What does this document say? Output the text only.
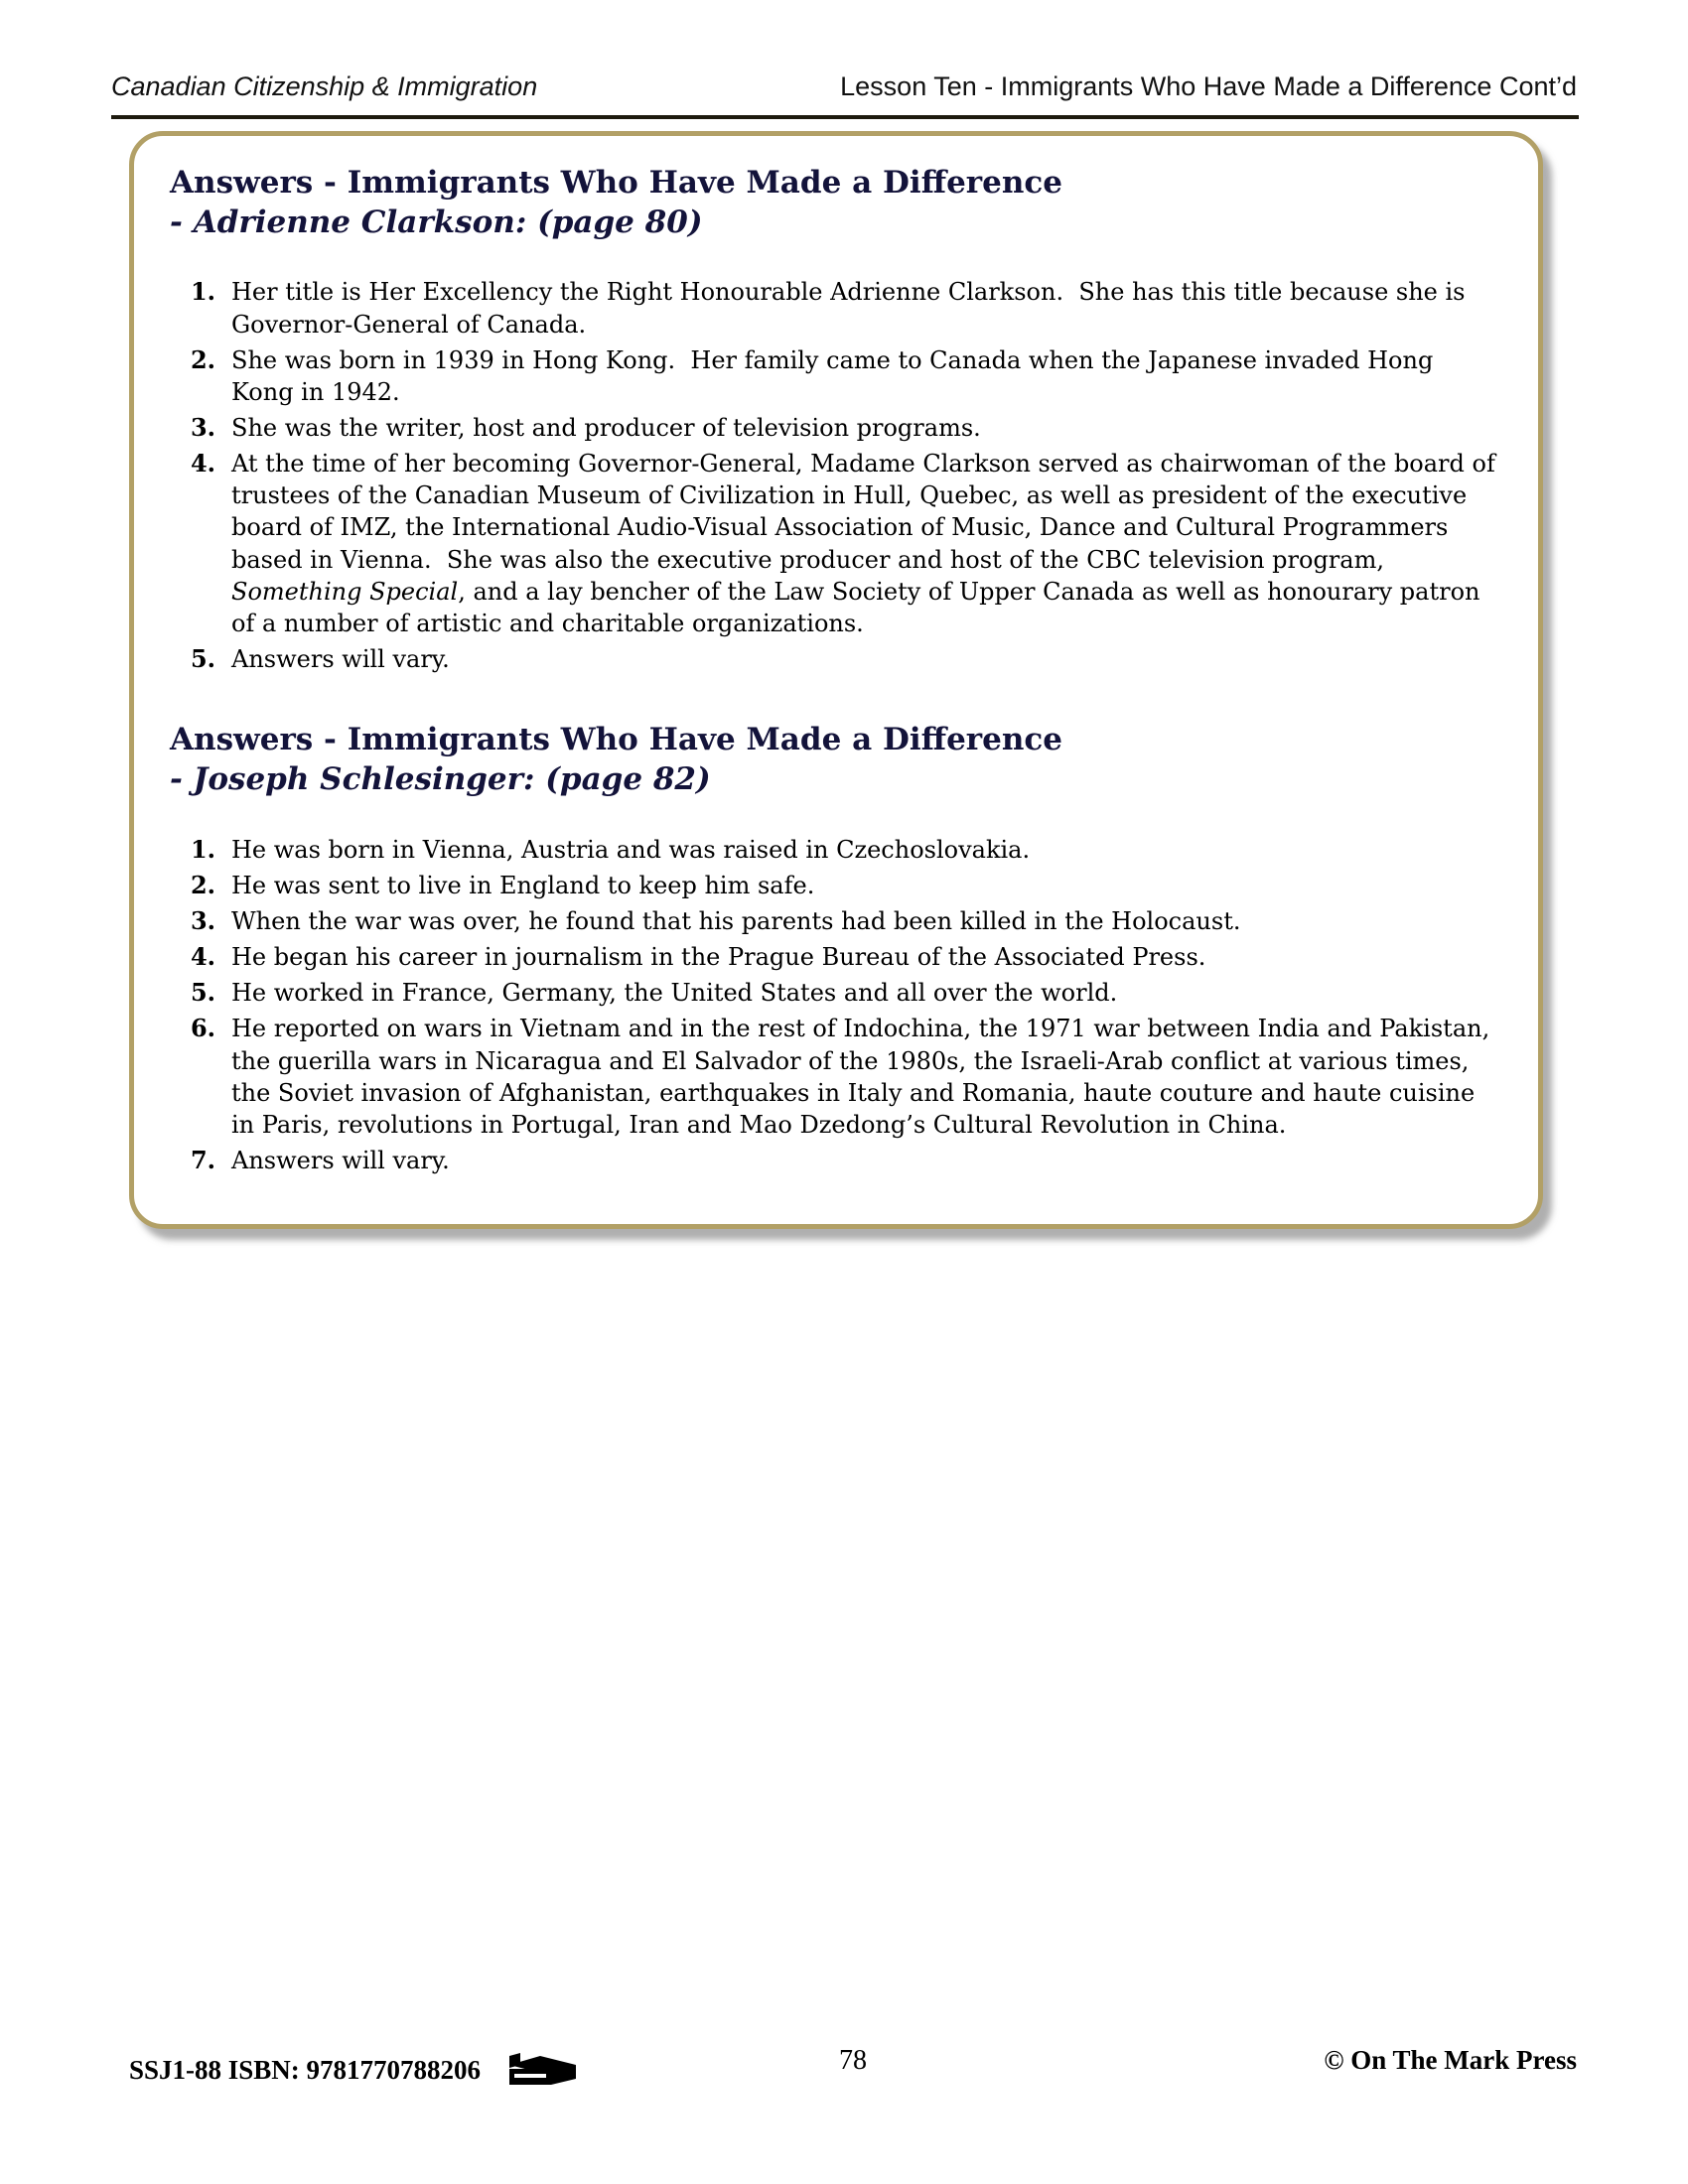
Canadian Citizenship & Immigration	Lesson Ten - Immigrants Who Have Made a Difference Cont’d
Answers - Immigrants Who Have Made a Difference
- Adrienne Clarkson: (page 80)
1. Her title is Her Excellency the Right Honourable Adrienne Clarkson.  She has this title because she is Governor-General of Canada.
2. She was born in 1939 in Hong Kong.  Her family came to Canada when the Japanese invaded Hong Kong in 1942.
3. She was the writer, host and producer of television programs.
4. At the time of her becoming Governor-General, Madame Clarkson served as chairwoman of the board of trustees of the Canadian Museum of Civilization in Hull, Quebec, as well as president of the executive board of IMZ, the International Audio-Visual Association of Music, Dance and Cultural Programmers based in Vienna.  She was also the executive producer and host of the CBC television program, Something Special, and a lay bencher of the Law Society of Upper Canada as well as honourary patron of a number of artistic and charitable organizations.
5. Answers will vary.
Answers - Immigrants Who Have Made a Difference
- Joseph Schlesinger: (page 82)
1. He was born in Vienna, Austria and was raised in Czechoslovakia.
2. He was sent to live in England to keep him safe.
3. When the war was over, he found that his parents had been killed in the Holocaust.
4. He began his career in journalism in the Prague Bureau of the Associated Press.
5. He worked in France, Germany, the United States and all over the world.
6. He reported on wars in Vietnam and in the rest of Indochina, the 1971 war between India and Pakistan, the guerilla wars in Nicaragua and El Salvador of the 1980s, the Israeli-Arab conflict at various times, the Soviet invasion of Afghanistan, earthquakes in Italy and Romania, haute couture and haute cuisine in Paris, revolutions in Portugal, Iran and Mao Dzedong’s Cultural Revolution in China.
7. Answers will vary.
SSJ1-88 ISBN: 9781770788206	78	© On The Mark Press
